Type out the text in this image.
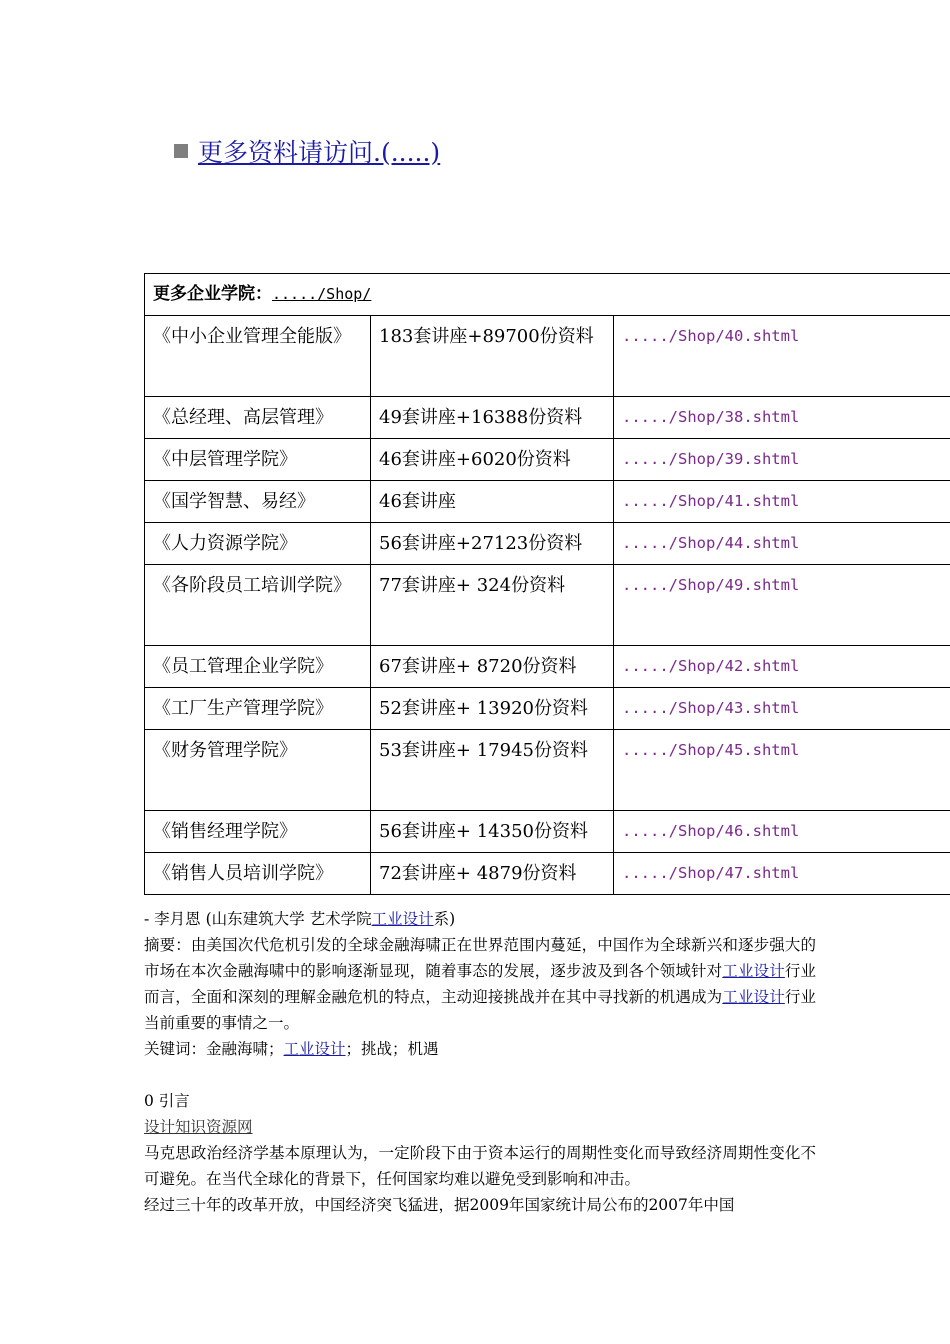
更多资料请访问.(.....)
更多企业学院：...../Shop/		
《中小企业管理全能版》	183套讲座+89700份资料	...../Shop/40.shtml
《总经理、高层管理》	49套讲座+16388份资料	...../Shop/38.shtml
《中层管理学院》	46套讲座+6020份资料	...../Shop/39.shtml
《国学智慧、易经》	46套讲座	...../Shop/41.shtml
《人力资源学院》	56套讲座+27123份资料	...../Shop/44.shtml
《各阶段员工培训学院》	77套讲座+ 324份资料	...../Shop/49.shtml
《员工管理企业学院》	67套讲座+ 8720份资料	...../Shop/42.shtml
《工厂生产管理学院》	52套讲座+ 13920份资料	...../Shop/43.shtml
《财务管理学院》	53套讲座+ 17945份资料	...../Shop/45.shtml
《销售经理学院》	56套讲座+ 14350份资料	...../Shop/46.shtml
《销售人员培训学院》	72套讲座+ 4879份资料	...../Shop/47.shtml

- 李月恩 (山东建筑大学 艺术学院工业设计系)

摘要：由美国次代危机引发的全球金融海啸正在世界范围内蔓延，中国作为全球新兴和逐步强大的市场在本次金融海啸中的影响逐渐显现，随着事态的发展，逐步波及到各个领域针对工业设计行业而言，全面和深刻的理解金融危机的特点，主动迎接挑战并在其中寻找新的机遇成为工业设计行业当前重要的事情之一。

关键词：金融海啸；工业设计；挑战；机遇

0 引言

设计知识资源网

马克思政治经济学基本原理认为，一定阶段下由于资本运行的周期性变化而导致经济周期性变化不可避免。在当代全球化的背景下，任何国家均难以避免受到影响和冲击。

经过三十年的改革开放，中国经济突飞猛进，据2009年国家统计局公布的2007年中国
